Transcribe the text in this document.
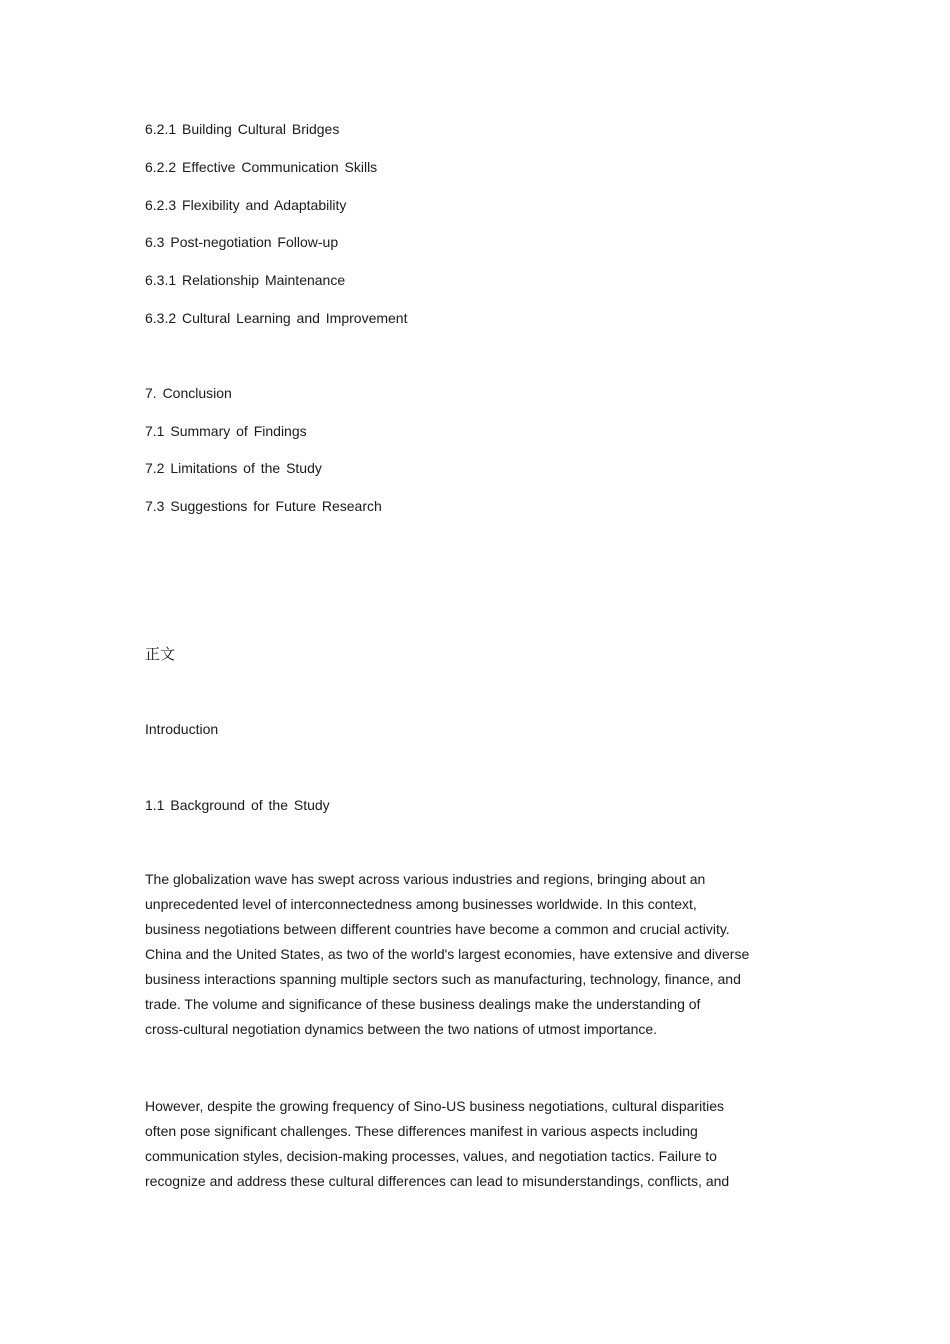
6.2.1 Building Cultural Bridges
6.2.2 Effective Communication Skills
6.2.3 Flexibility and Adaptability
6.3 Post-negotiation Follow-up
6.3.1 Relationship Maintenance
6.3.2 Cultural Learning and Improvement
7. Conclusion
7.1 Summary of Findings
7.2 Limitations of the Study
7.3 Suggestions for Future Research
正文
Introduction
1.1 Background of the Study
The globalization wave has swept across various industries and regions, bringing about an
unprecedented level of interconnectedness among businesses worldwide. In this context,
business negotiations between different countries have become a common and crucial activity.
China and the United States, as two of the world's largest economies, have extensive and diverse
business interactions spanning multiple sectors such as manufacturing, technology, finance, and
trade. The volume and significance of these business dealings make the understanding of
cross-cultural negotiation dynamics between the two nations of utmost importance.
However, despite the growing frequency of Sino-US business negotiations, cultural disparities
often pose significant challenges. These differences manifest in various aspects including
communication styles, decision-making processes, values, and negotiation tactics. Failure to
recognize and address these cultural differences can lead to misunderstandings, conflicts, and
